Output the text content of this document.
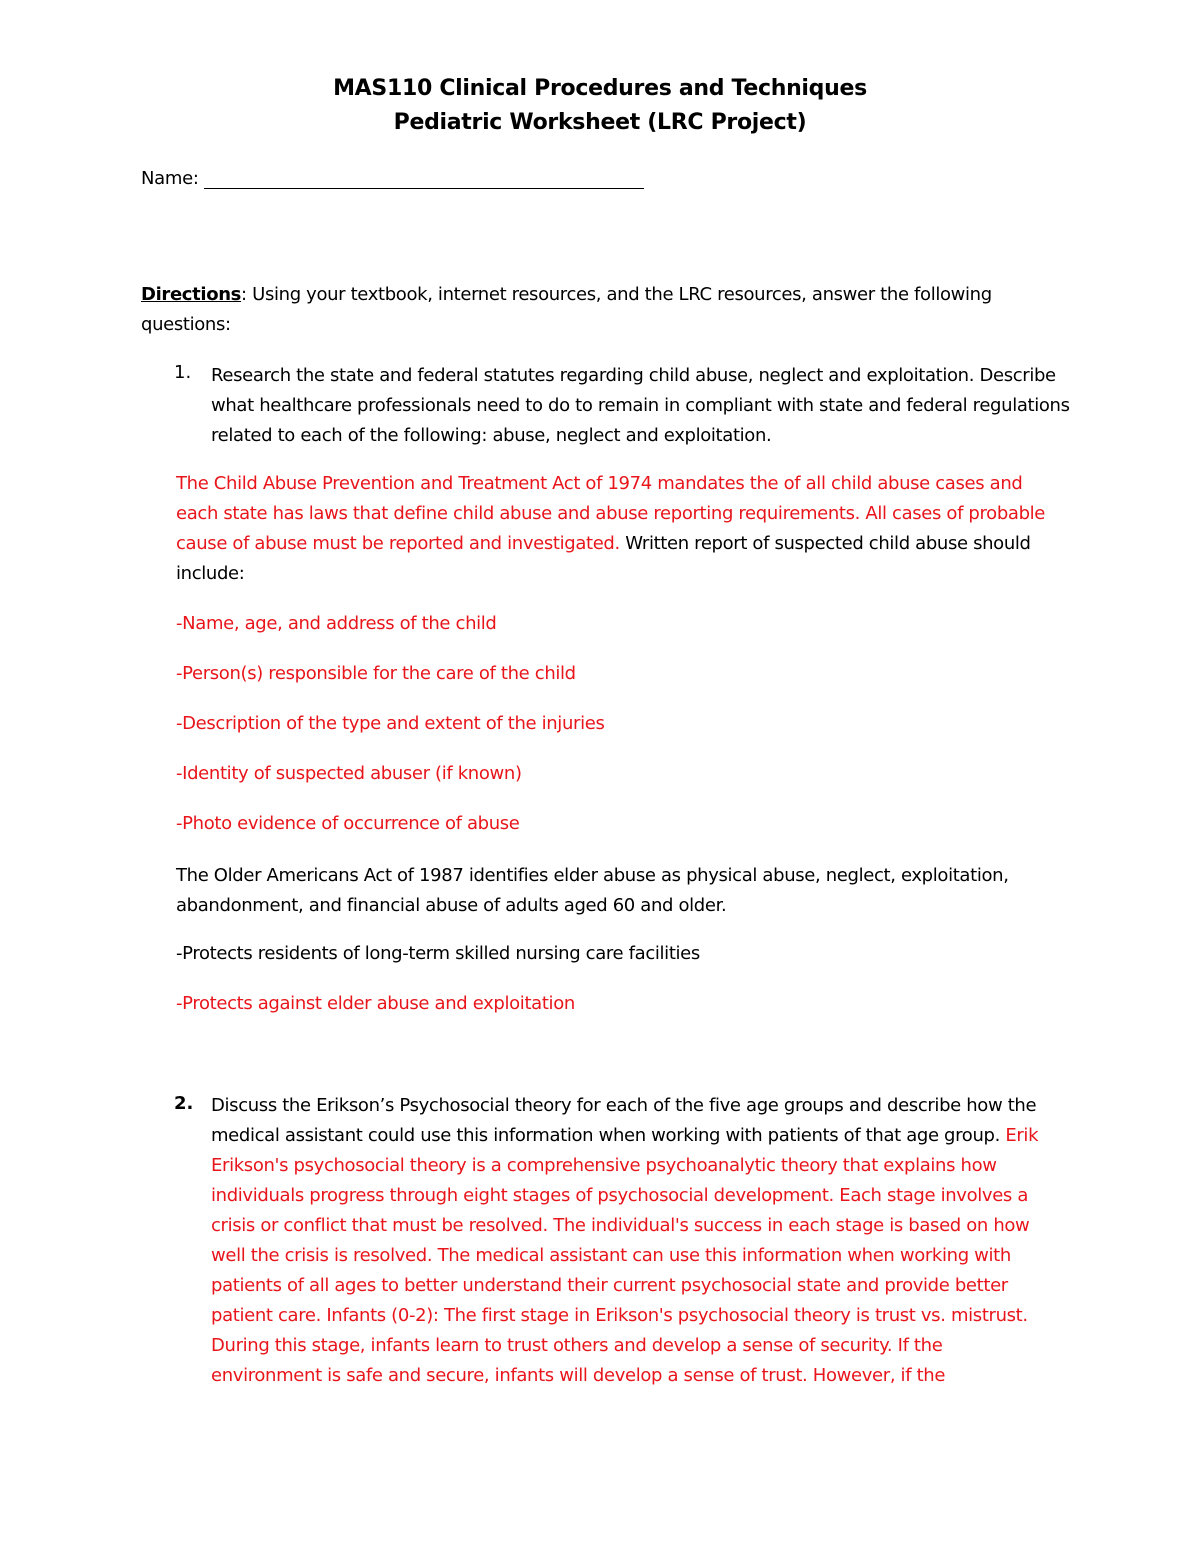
MAS110 Clinical Procedures and Techniques
Pediatric Worksheet (LRC Project)
Name:

Directions: Using your textbook, internet resources, and the LRC resources, answer the following questions:

1. Research the state and federal statutes regarding child abuse, neglect and exploitation. Describe what healthcare professionals need to do to remain in compliant with state and federal regulations related to each of the following: abuse, neglect and exploitation.

The Child Abuse Prevention and Treatment Act of 1974 mandates the of all child abuse cases and each state has laws that define child abuse and abuse reporting requirements. All cases of probable cause of abuse must be reported and investigated. Written report of suspected child abuse should include:

-Name, age, and address of the child

-Person(s) responsible for the care of the child

-Description of the type and extent of the injuries

-Identity of suspected abuser (if known)

-Photo evidence of occurrence of abuse

The Older Americans Act of 1987 identifies elder abuse as physical abuse, neglect, exploitation, abandonment, and financial abuse of adults aged 60 and older.

-Protects residents of long-term skilled nursing care facilities

-Protects against elder abuse and exploitation

2. Discuss the Erikson’s Psychosocial theory for each of the five age groups and describe how the medical assistant could use this information when working with patients of that age group. Erik Erikson's psychosocial theory is a comprehensive psychoanalytic theory that explains how individuals progress through eight stages of psychosocial development. Each stage involves a crisis or conflict that must be resolved. The individual's success in each stage is based on how well the crisis is resolved. The medical assistant can use this information when working with patients of all ages to better understand their current psychosocial state and provide better patient care. Infants (0-2): The first stage in Erikson's psychosocial theory is trust vs. mistrust. During this stage, infants learn to trust others and develop a sense of security. If the environment is safe and secure, infants will develop a sense of trust. However, if the
